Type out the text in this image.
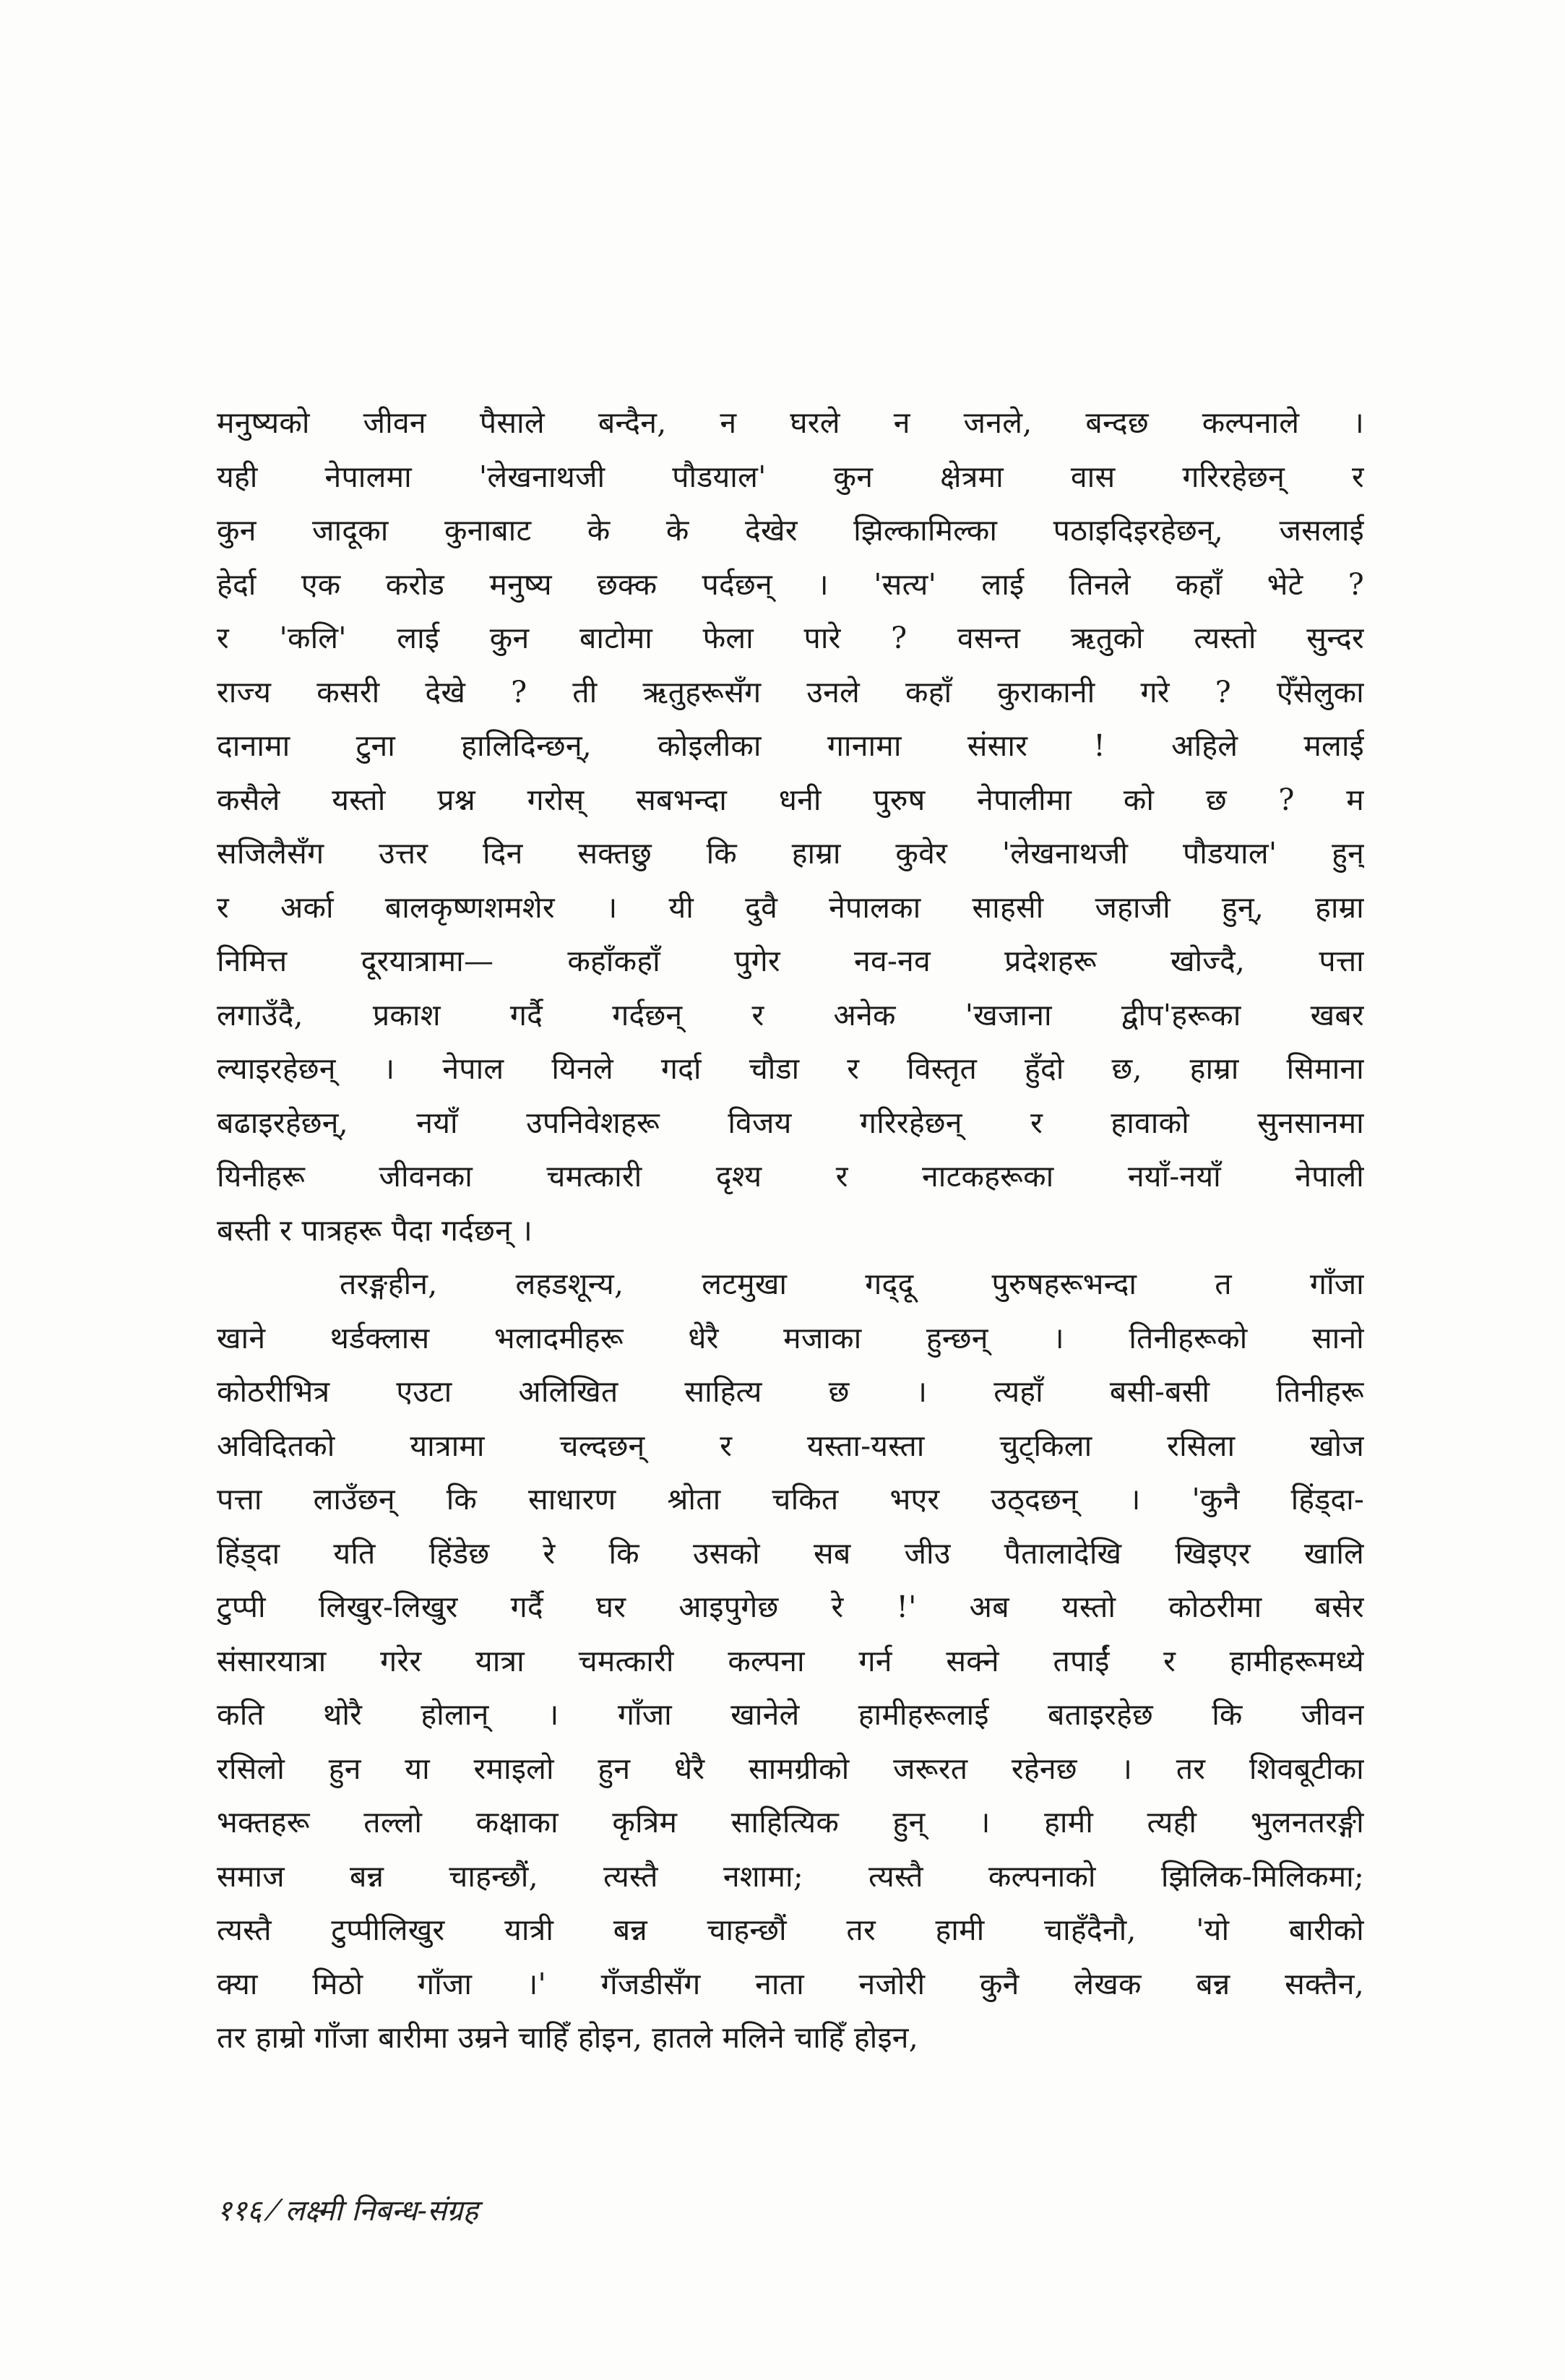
मनुष्यको जीवन पैसाले बन्दैन, न घरले न जनले, बन्दछ कल्पनाले ।
यही नेपालमा 'लेखनाथजी पौडयाल' कुन क्षेत्रमा वास गरिरहेछन् र
कुन जादूका कुनाबाट के के देखेर झिल्कामिल्का पठाइदिइरहेछन्, जसलाई
हेर्दा एक करोड मनुष्य छक्क पर्दछन् । 'सत्य' लाई तिनले कहाँ भेटे ?
र 'कलि' लाई कुन बाटोमा फेला पारे ? वसन्त ऋतुको त्यस्तो सुन्दर
राज्य कसरी देखे ? ती ऋतुहरूसँग उनले कहाँ कुराकानी गरे ? ऐँसेलुका
दानामा टुना हालिदिन्छन्, कोइलीका गानामा संसार ! अहिले मलाई
कसैले यस्तो प्रश्न गरोस् सबभन्दा धनी पुरुष नेपालीमा को छ ? म
सजिलैसँग उत्तर दिन सक्तछु कि हाम्रा कुवेर 'लेखनाथजी पौडयाल' हुन्
र अर्का बालकृष्णशमशेर । यी दुवै नेपालका साहसी जहाजी हुन्, हाम्रा
निमित्त दूरयात्रामा— कहाँकहाँ पुगेर नव-नव प्रदेशहरू खोज्दै, पत्ता
लगाउँदै, प्रकाश गर्दै गर्दछन् र अनेक 'खजाना द्वीप'हरूका खबर
ल्याइरहेछन् । नेपाल यिनले गर्दा चौडा र विस्तृत हुँदो छ, हाम्रा सिमाना
बढाइरहेछन्, नयाँ उपनिवेशहरू विजय गरिरहेछन् र हावाको सुनसानमा
यिनीहरू जीवनका चमत्कारी दृश्य र नाटकहरूका नयाँ-नयाँ नेपाली
बस्ती र पात्रहरू पैदा गर्दछन् ।
तरङ्गहीन, लहडशून्य, लटमुखा गद्‌दू पुरुषहरूभन्दा त गाँजा
खाने थर्डक्लास भलादमीहरू धेरै मजाका हुन्छन् । तिनीहरूको सानो
कोठरीभित्र एउटा अलिखित साहित्य छ । त्यहाँ बसी-बसी तिनीहरू
अविदितको यात्रामा चल्दछन् र यस्ता-यस्ता चुट्किला रसिला खोज
पत्ता लाउँछन् कि साधारण श्रोता चकित भएर उठ्दछन् । 'कुनै हिंड्दा-
हिंड्दा यति हिंडेछ रे कि उसको सब जीउ पैतालादेखि खिइएर खालि
टुप्पी लिखुर-लिखुर गर्दै घर आइपुगेछ रे !' अब यस्तो कोठरीमा बसेर
संसारयात्रा गरेर यात्रा चमत्कारी कल्पना गर्न सक्ने तपाईं र हामीहरूमध्ये
कति थोरै होलान् । गाँजा खानेले हामीहरूलाई बताइरहेछ कि जीवन
रसिलो हुन या रमाइलो हुन धेरै सामग्रीको जरूरत रहेनछ । तर शिवबूटीका
भक्तहरू तल्लो कक्षाका कृत्रिम साहित्यिक हुन् । हामी त्यही भुलनतरङ्गी
समाज बन्न चाहन्छौं, त्यस्तै नशामा; त्यस्तै कल्पनाको झिलिक-मिलिकमा;
त्यस्तै टुप्पीलिखुर यात्री बन्न चाहन्छौं तर हामी चाहँदैनौ, 'यो बारीको
क्या मिठो गाँजा ।' गँजडीसँग नाता नजोरी कुनै लेखक बन्न सक्तैन,
तर हाम्रो गाँजा बारीमा उम्रने चाहिँ होइन, हातले मलिने चाहिँ होइन,
११६ ⁄ लक्ष्मी निबन्ध-संग्रह
